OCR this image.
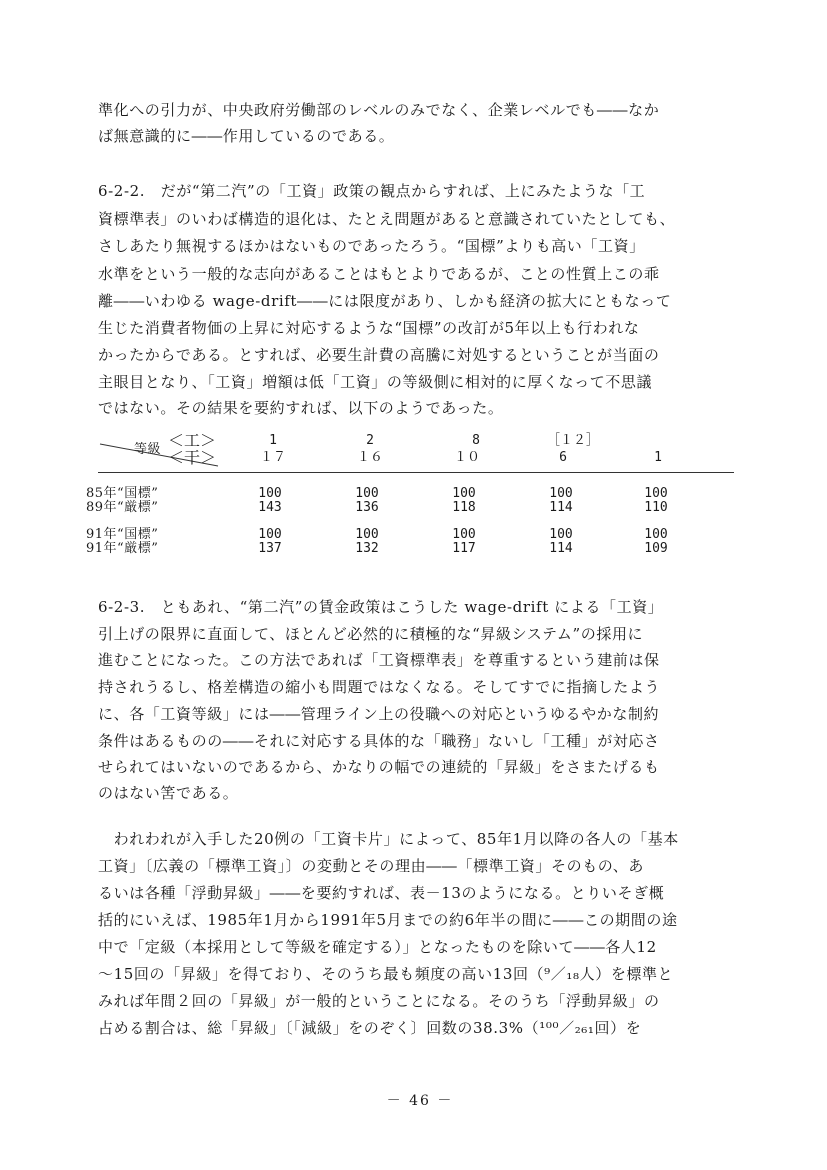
準化への引力が、中央政府労働部のレベルのみでなく、企業レベルでも――なか
ば無意識的に――作用しているのである。
6-2-2.　だが“第二汽”の「工資」政策の観点からすれば、上にみたような「工
資標準表」のいわば構造的退化は、たとえ問題があると意識されていたとしても、
さしあたり無視するほかはないものであったろう。“国標”よりも高い「工資」
水準をという一般的な志向があることはもとよりであるが、ことの性質上この乖
離――いわゆる wage-drift――には限度があり、しかも経済の拡大にともなって
生じた消費者物価の上昇に対応するような“国標”の改訂が5年以上も行われな
かったからである。とすれば、必要生計費の高騰に対処するということが当面の
主眼目となり、「工資」増額は低「工資」の等級側に相対的に厚くなって不思議
ではない。その結果を要約すれば、以下のようであった。
等級 ＜工＞
＜干＞
1	2	8	［１２］
１７	１６	１０	6	1
85年“国標”	100	100	100	100	100
89年“厳標”	143	136	118	114	110
91年“国標”	100	100	100	100	100
91年“厳標”	137	132	117	114	109
6-2-3.　ともあれ、“第二汽”の賃金政策はこうした wage-drift による「工資」
引上げの限界に直面して、ほとんど必然的に積極的な“昇級システム”の採用に
進むことになった。この方法であれば「工資標準表」を尊重するという建前は保
持されうるし、格差構造の縮小も問題ではなくなる。そしてすでに指摘したよう
に、各「工資等級」には――管理ライン上の役職への対応というゆるやかな制約
条件はあるものの――それに対応する具体的な「職務」ないし「工種」が対応さ
せられてはいないのであるから、かなりの幅での連続的「昇級」をさまたげるも
のはない筈である。
　われわれが入手した20例の「工資卡片」によって、85年1月以降の各人の「基本
工資」〔広義の「標準工資」〕の変動とその理由――「標準工資」そのもの、あ
るいは各種「浮動昇級」――を要約すれば、表－13のようになる。とりいそぎ概
括的にいえば、1985年1月から1991年5月までの約6年半の間に――この期間の途
中で「定級（本採用として等級を確定する）」となったものを除いて――各人12
～15回の「昇級」を得ており、そのうち最も頻度の高い13回（⁹／₁₈人）を標準と
みれば年間２回の「昇級」が一般的ということになる。そのうち「浮動昇級」の
占める割合は、総「昇級」〔「減級」をのぞく〕回数の38.3%（¹⁰⁰／₂₆₁回）を
－ 46 －
